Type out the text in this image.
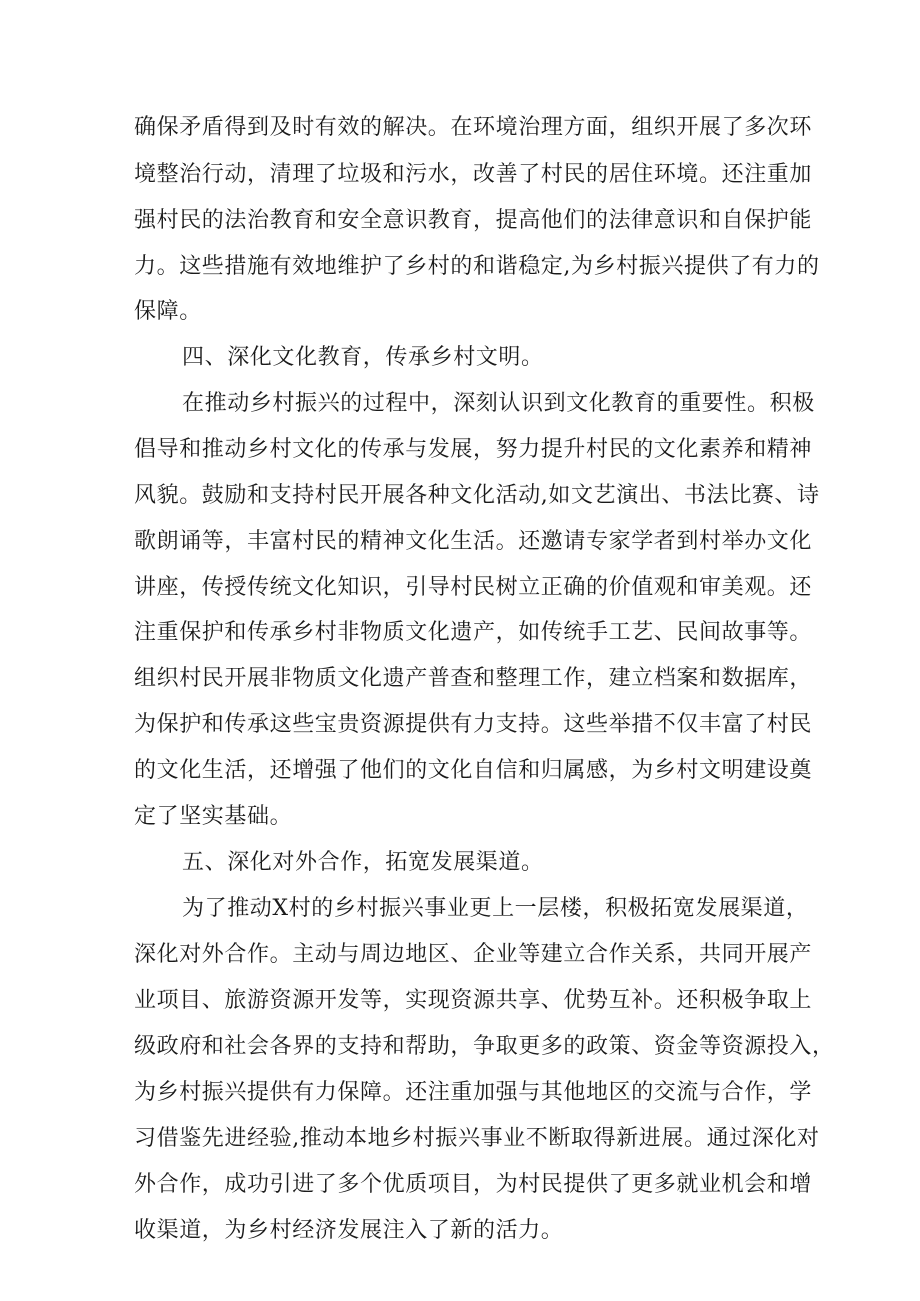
确保矛盾得到及时有效的解决。在环境治理方面，组织开展了多次环
境整治行动，清理了垃圾和污水，改善了村民的居住环境。还注重加
强村民的法治教育和安全意识教育，提高他们的法律意识和自保护能
力。这些措施有效地维护了乡村的和谐稳定,为乡村振兴提供了有力的
保障。
四、深化文化教育，传承乡村文明。
在推动乡村振兴的过程中，深刻认识到文化教育的重要性。积极
倡导和推动乡村文化的传承与发展，努力提升村民的文化素养和精神
风貌。鼓励和支持村民开展各种文化活动,如文艺演出、书法比赛、诗
歌朗诵等，丰富村民的精神文化生活。还邀请专家学者到村举办文化
讲座，传授传统文化知识，引导村民树立正确的价值观和审美观。还
注重保护和传承乡村非物质文化遗产，如传统手工艺、民间故事等。
组织村民开展非物质文化遗产普查和整理工作，建立档案和数据库，
为保护和传承这些宝贵资源提供有力支持。这些举措不仅丰富了村民
的文化生活，还增强了他们的文化自信和归属感，为乡村文明建设奠
定了坚实基础。
五、深化对外合作，拓宽发展渠道。
为了推动X村的乡村振兴事业更上一层楼，积极拓宽发展渠道，
深化对外合作。主动与周边地区、企业等建立合作关系，共同开展产
业项目、旅游资源开发等，实现资源共享、优势互补。还积极争取上
级政府和社会各界的支持和帮助，争取更多的政策、资金等资源投入，
为乡村振兴提供有力保障。还注重加强与其他地区的交流与合作，学
习借鉴先进经验,推动本地乡村振兴事业不断取得新进展。通过深化对
外合作，成功引进了多个优质项目，为村民提供了更多就业机会和增
收渠道，为乡村经济发展注入了新的活力。
